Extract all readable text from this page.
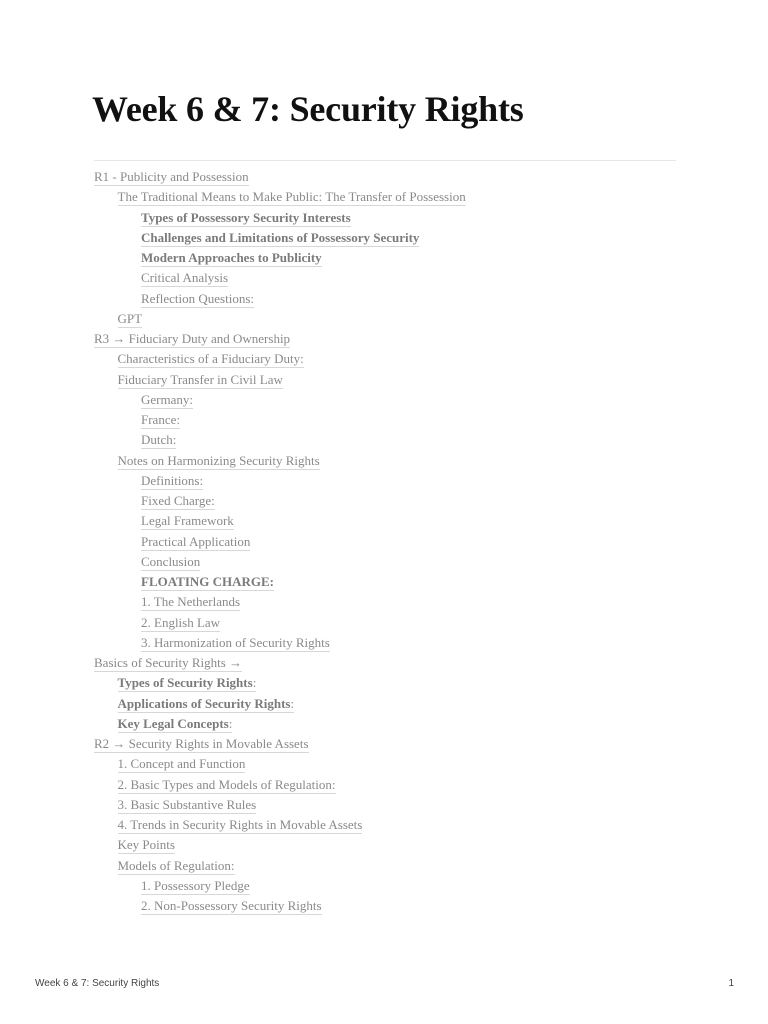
Week 6 & 7: Security Rights
R1 - Publicity and Possession
The Traditional Means to Make Public: The Transfer of Possession
Types of Possessory Security Interests
Challenges and Limitations of Possessory Security
Modern Approaches to Publicity
Critical Analysis
Reflection Questions:
GPT
R3 → Fiduciary Duty and Ownership
Characteristics of a Fiduciary Duty:
Fiduciary Transfer in Civil Law
Germany:
France:
Dutch:
Notes on Harmonizing Security Rights
Definitions:
Fixed Charge:
Legal Framework
Practical Application
Conclusion
FLOATING CHARGE:
1. The Netherlands
2. English Law
3. Harmonization of Security Rights
Basics of Security Rights →
Types of Security Rights:
Applications of Security Rights:
Key Legal Concepts:
R2 → Security Rights in Movable Assets
1. Concept and Function
2. Basic Types and Models of Regulation:
3. Basic Substantive Rules
4. Trends in Security Rights in Movable Assets
Key Points
Models of Regulation:
1. Possessory Pledge
2. Non-Possessory Security Rights
Week 6 & 7: Security Rights	1
